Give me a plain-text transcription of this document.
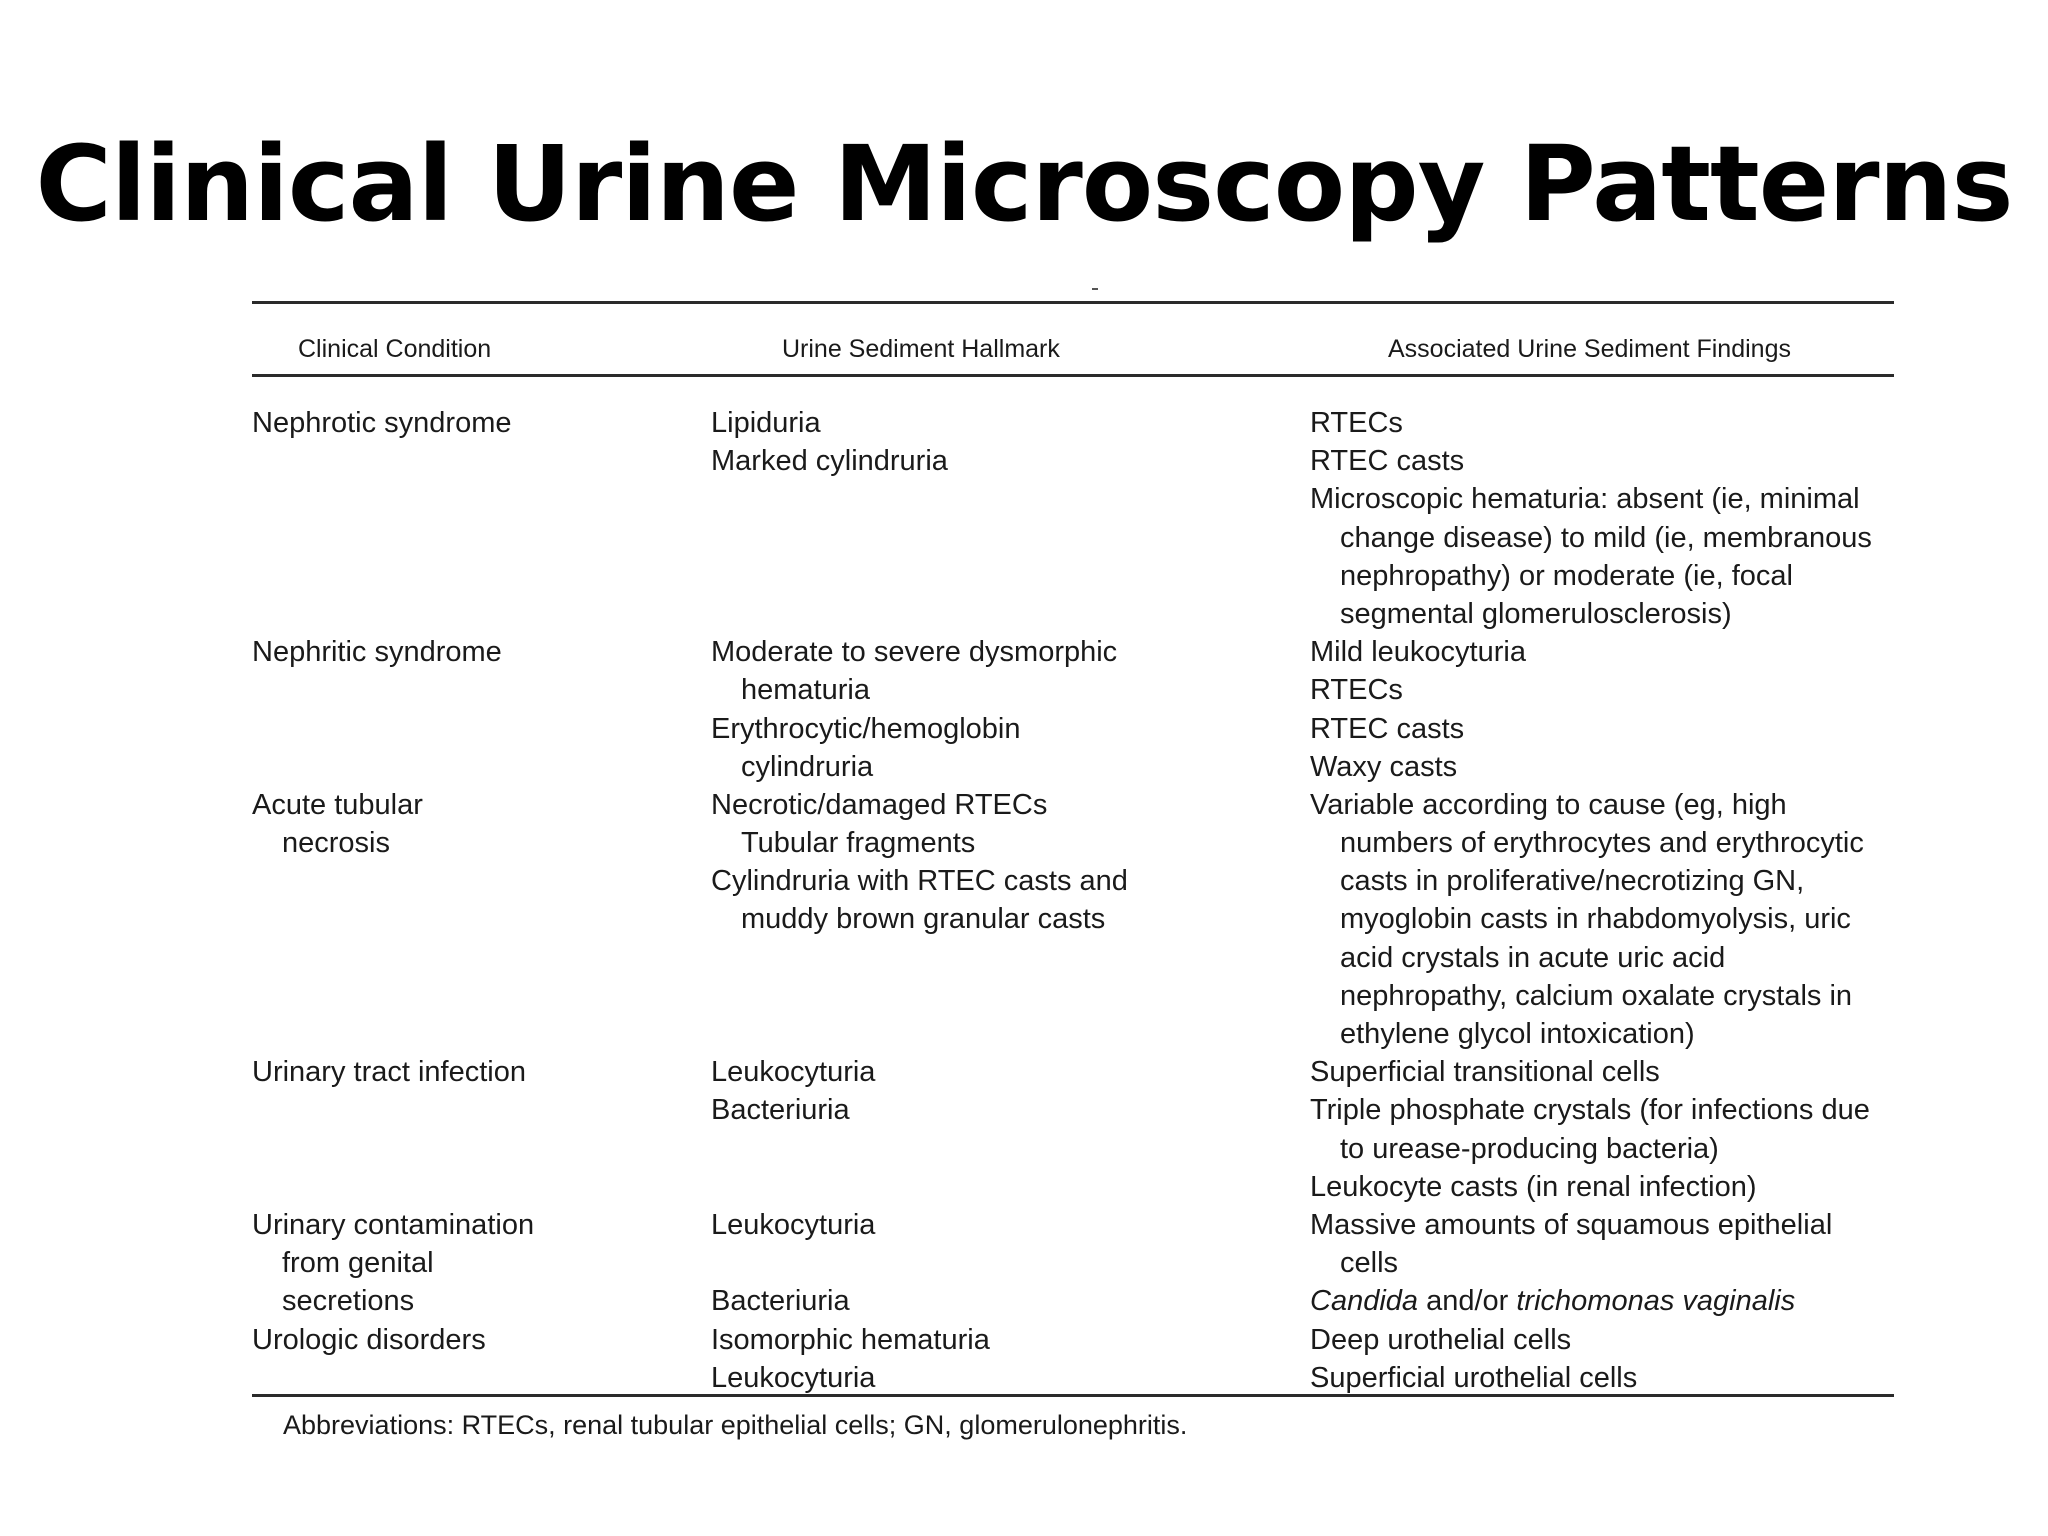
Clinical Urine Microscopy Patterns
Clinical Condition	Urine Sediment Hallmark	Associated Urine Sediment Findings
Nephrotic syndrome
Nephritic syndrome
Acute tubular
necrosis
Urinary tract infection
Urinary contamination
from genital
secretions
Urologic disorders
Lipiduria
Marked cylindruria
Moderate to severe dysmorphic
hematuria
Erythrocytic/hemoglobin
cylindruria
Necrotic/damaged RTECs
Tubular fragments
Cylindruria with RTEC casts and
muddy brown granular casts
Leukocyturia
Bacteriuria
Leukocyturia
Bacteriuria
Isomorphic hematuria
Leukocyturia
RTECs
RTEC casts
Microscopic hematuria: absent (ie, minimal
change disease) to mild (ie, membranous
nephropathy) or moderate (ie, focal
segmental glomerulosclerosis)
Mild leukocyturia
RTECs
RTEC casts
Waxy casts
Variable according to cause (eg, high
numbers of erythrocytes and erythrocytic
casts in proliferative/necrotizing GN,
myoglobin casts in rhabdomyolysis, uric
acid crystals in acute uric acid
nephropathy, calcium oxalate crystals in
ethylene glycol intoxication)
Superficial transitional cells
Triple phosphate crystals (for infections due
to urease-producing bacteria)
Leukocyte casts (in renal infection)
Massive amounts of squamous epithelial
cells
Candida and/or trichomonas vaginalis
Deep urothelial cells
Superficial urothelial cells
Abbreviations: RTECs, renal tubular epithelial cells; GN, glomerulonephritis.
